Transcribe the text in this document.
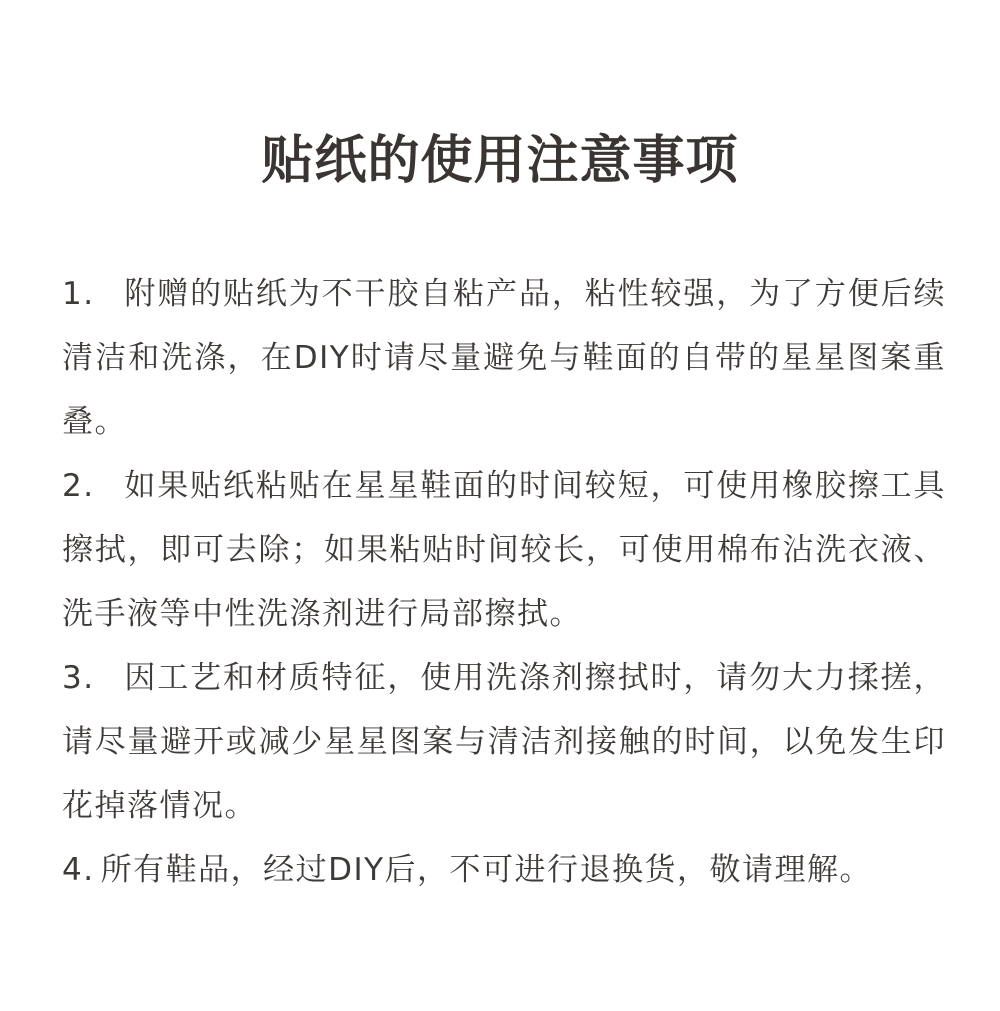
贴纸的使用注意事项
1. 附赠的贴纸为不干胶自粘产品，粘性较强，为了方便后续清洁和洗涤，在DIY时请尽量避免与鞋面的自带的星星图案重叠。
2. 如果贴纸粘贴在星星鞋面的时间较短，可使用橡胶擦工具擦拭，即可去除；如果粘贴时间较长，可使用棉布沾洗衣液、洗手液等中性洗涤剂进行局部擦拭。
3. 因工艺和材质特征，使用洗涤剂擦拭时，请勿大力揉搓，请尽量避开或减少星星图案与清洁剂接触的时间，以免发生印花掉落情况。
4. 所有鞋品，经过DIY后，不可进行退换货，敬请理解。
